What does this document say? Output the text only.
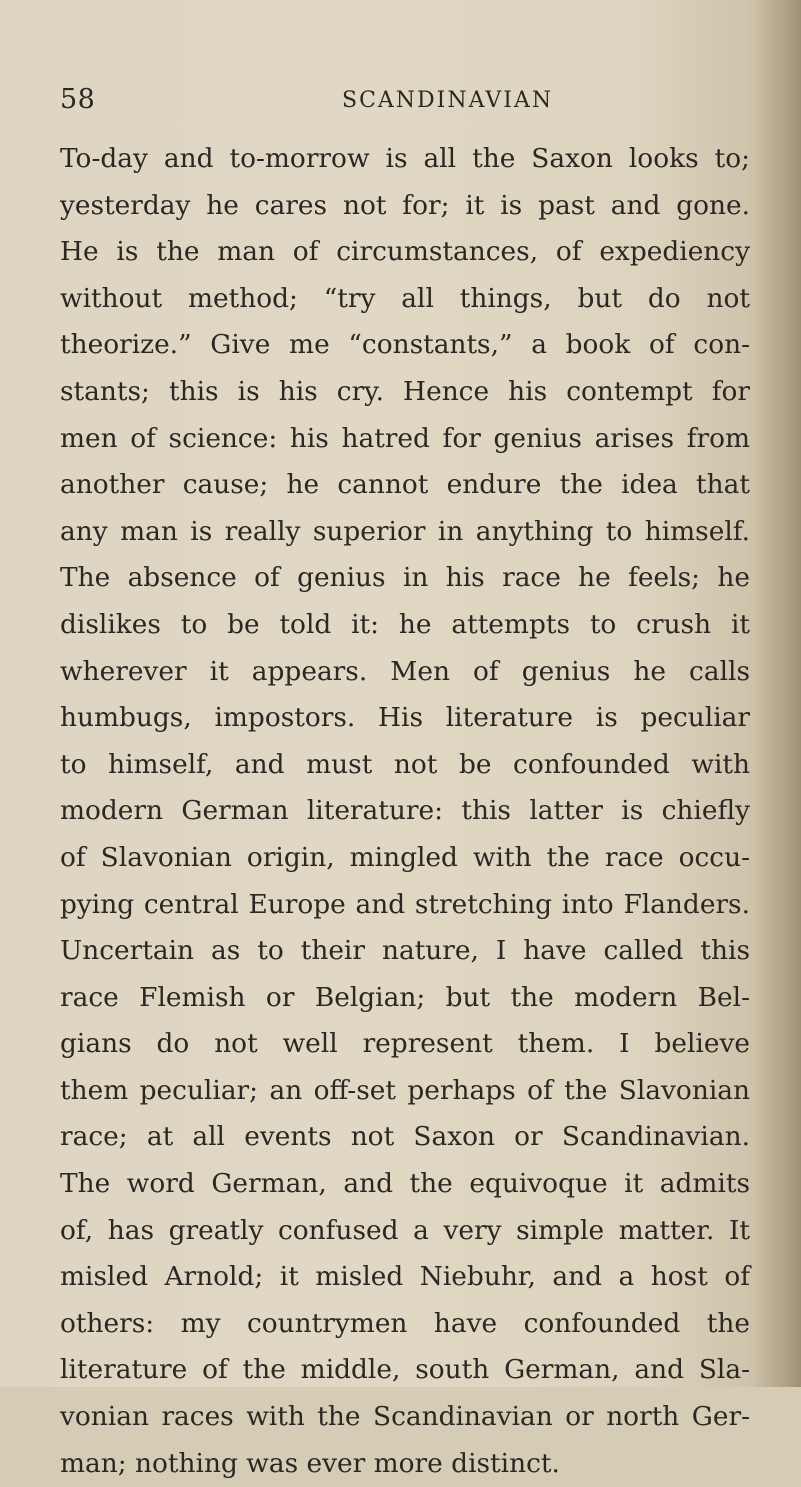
58	SCANDINAVIAN
To-day and to-morrow is all the Saxon looks to;
yesterday he cares not for; it is past and gone.
He is the man of circumstances, of expediency
without method; “try all things, but do not
theorize.” Give me “constants,” a book of con-
stants; this is his cry. Hence his contempt for
men of science: his hatred for genius arises from
another cause; he cannot endure the idea that
any man is really superior in anything to himself.
The absence of genius in his race he feels; he
dislikes to be told it: he attempts to crush it
wherever it appears. Men of genius he calls
humbugs, impostors. His literature is peculiar
to himself, and must not be confounded with
modern German literature: this latter is chiefly
of Slavonian origin, mingled with the race occu-
pying central Europe and stretching into Flanders.
Uncertain as to their nature, I have called this
race Flemish or Belgian; but the modern Bel-
gians do not well represent them. I believe
them peculiar; an off-set perhaps of the Slavonian
race; at all events not Saxon or Scandinavian.
The word German, and the equivoque it admits
of, has greatly confused a very simple matter. It
misled Arnold; it misled Niebuhr, and a host of
others: my countrymen have confounded the
literature of the middle, south German, and Sla-
vonian races with the Scandinavian or north Ger-
man; nothing was ever more distinct.
